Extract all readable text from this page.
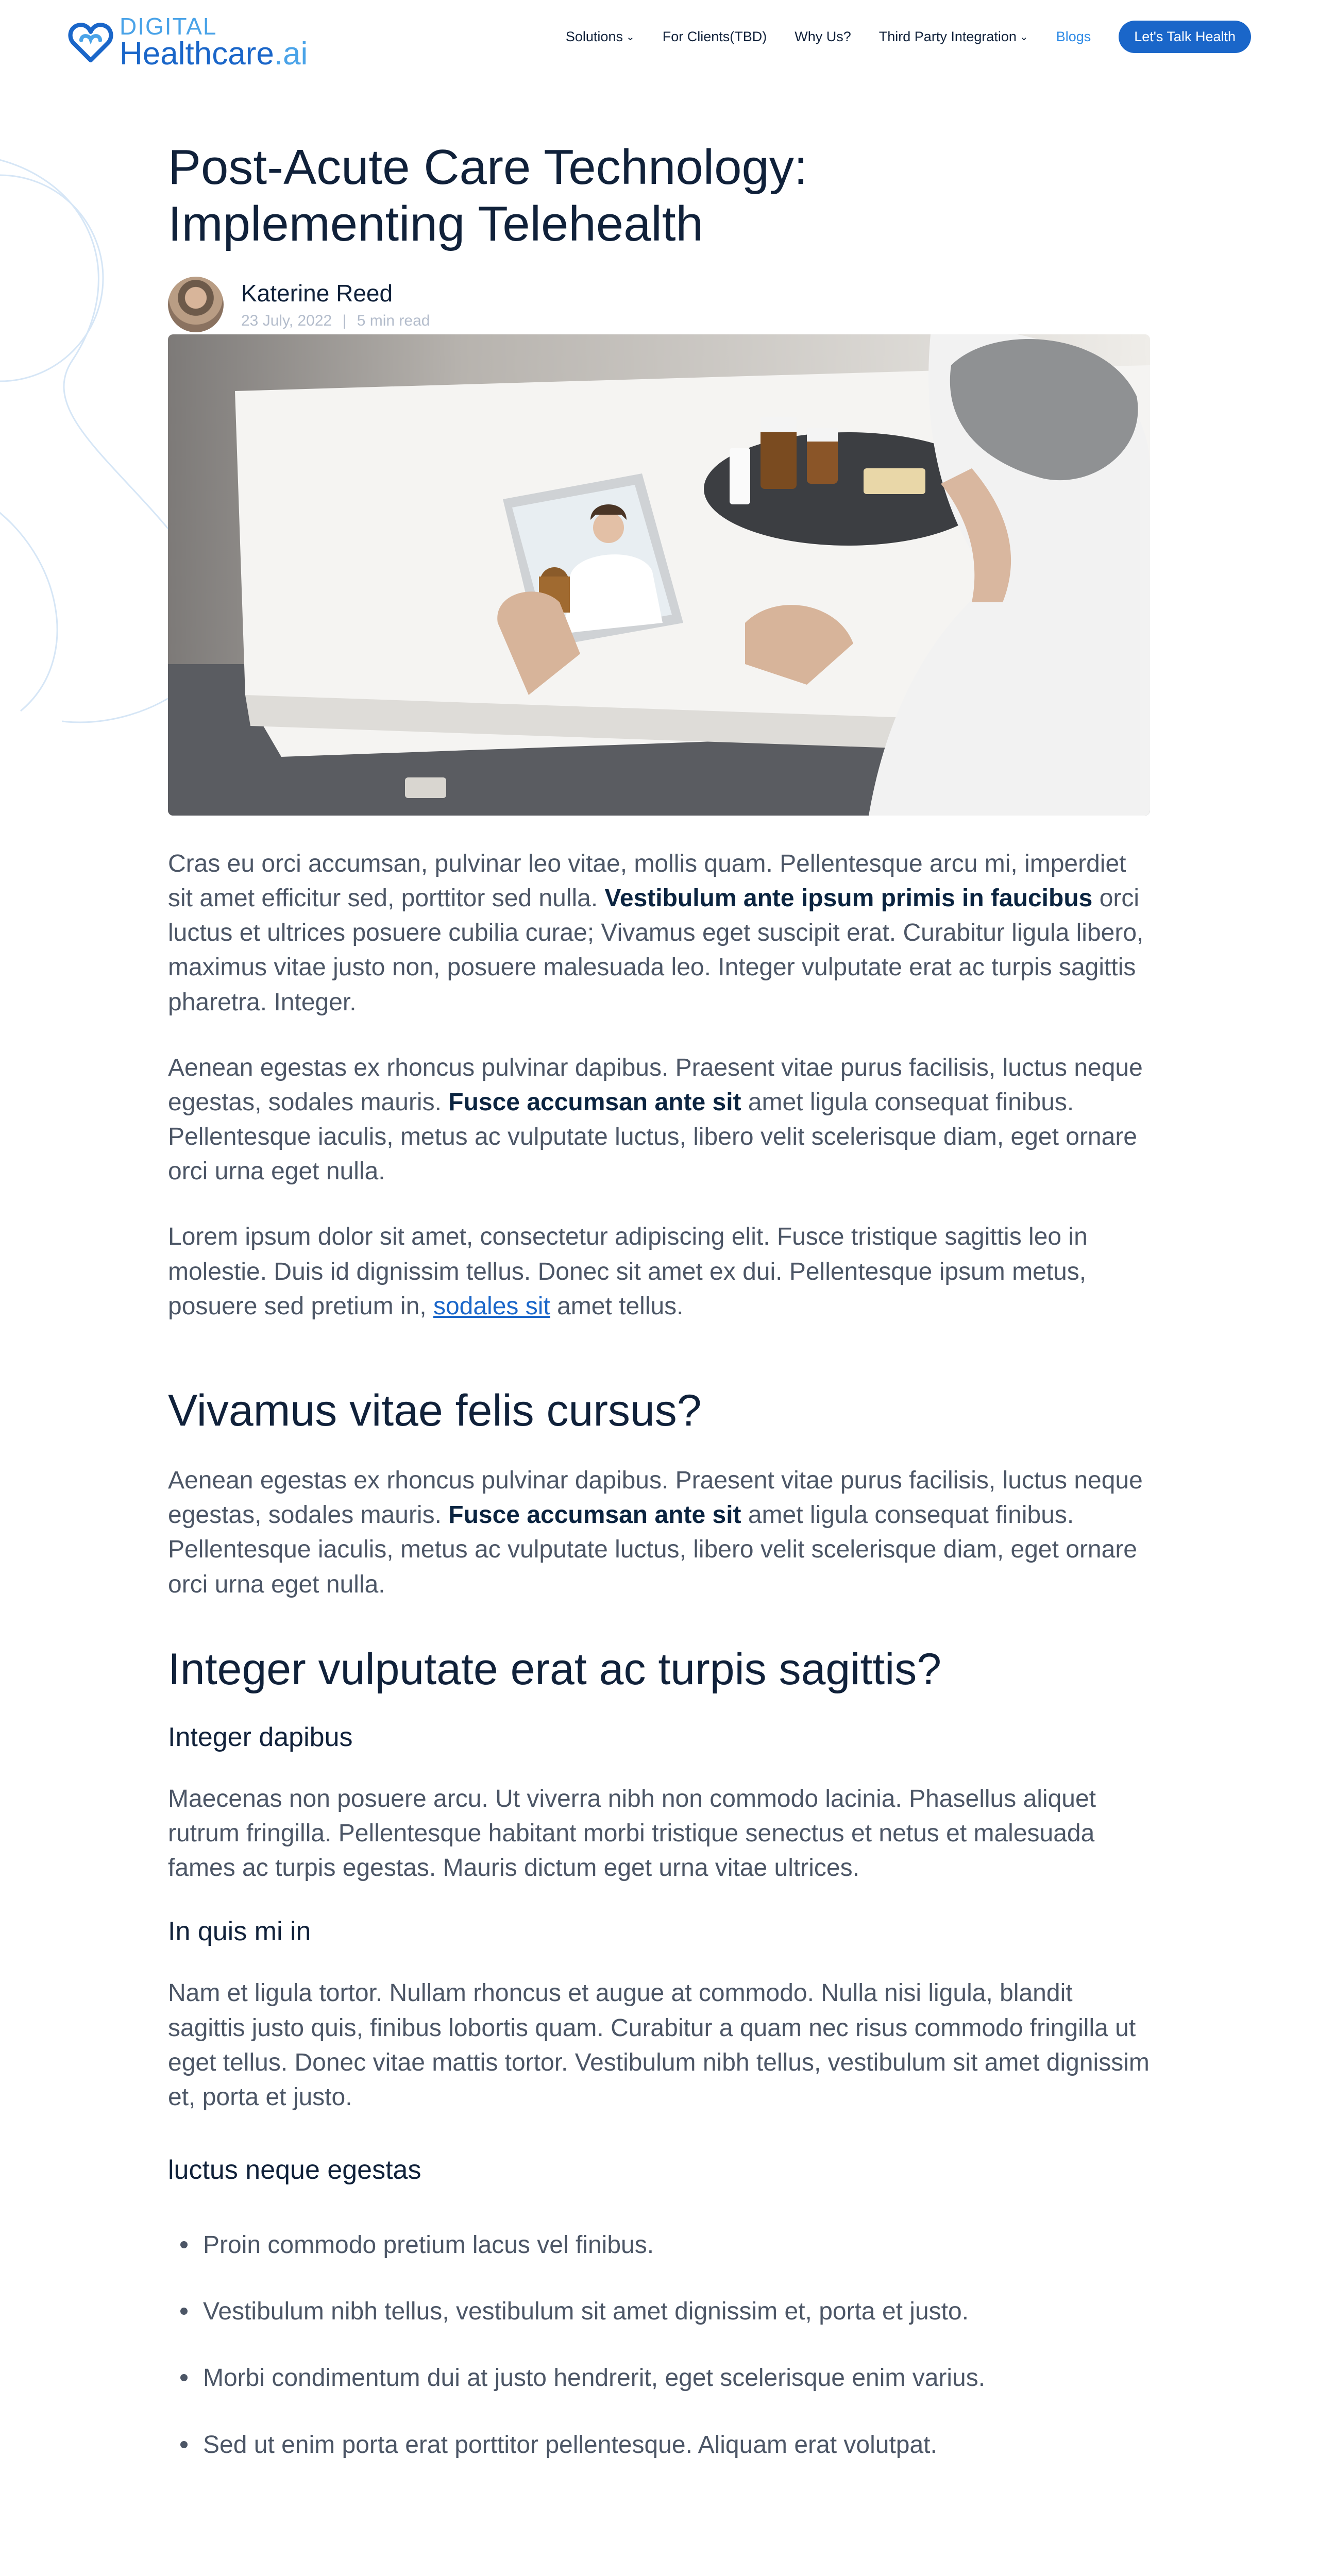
DIGITAL
Healthcare.ai	Solutions ⌄ For Clients(TBD) Why Us? Third Party Integration ⌄ Blogs	Let's Talk Health
Post-Acute Care Technology: Implementing Telehealth
Katerine Reed
23 July, 2022 | 5 min read

Cras eu orci accumsan, pulvinar leo vitae, mollis quam. Pellentesque arcu mi, imperdiet sit amet efficitur sed, porttitor sed nulla. Vestibulum ante ipsum primis in faucibus orci luctus et ultrices posuere cubilia curae; Vivamus eget suscipit erat. Curabitur ligula libero, maximus vitae justo non, posuere malesuada leo. Integer vulputate erat ac turpis sagittis pharetra. Integer.

Aenean egestas ex rhoncus pulvinar dapibus. Praesent vitae purus facilisis, luctus neque egestas, sodales mauris. Fusce accumsan ante sit amet ligula consequat finibus. Pellentesque iaculis, metus ac vulputate luctus, libero velit scelerisque diam, eget ornare orci urna eget nulla.

Lorem ipsum dolor sit amet, consectetur adipiscing elit. Fusce tristique sagittis leo in molestie. Duis id dignissim tellus. Donec sit amet ex dui. Pellentesque ipsum metus, posuere sed pretium in, sodales sit amet tellus.

Vivamus vitae felis cursus?

Aenean egestas ex rhoncus pulvinar dapibus. Praesent vitae purus facilisis, luctus neque egestas, sodales mauris. Fusce accumsan ante sit amet ligula consequat finibus. Pellentesque iaculis, metus ac vulputate luctus, libero velit scelerisque diam, eget ornare orci urna eget nulla.

Integer vulputate erat ac turpis sagittis?
Integer dapibus

Maecenas non posuere arcu. Ut viverra nibh non commodo lacinia. Phasellus aliquet rutrum fringilla. Pellentesque habitant morbi tristique senectus et netus et malesuada fames ac turpis egestas. Mauris dictum eget urna vitae ultrices.

In quis mi in

Nam et ligula tortor. Nullam rhoncus et augue at commodo. Nulla nisi ligula, blandit sagittis justo quis, finibus lobortis quam. Curabitur a quam nec risus commodo fringilla ut eget tellus. Donec vitae mattis tortor. Vestibulum nibh tellus, vestibulum sit amet dignissim et, porta et justo.

luctus neque egestas
Proin commodo pretium lacus vel finibus.
Vestibulum nibh tellus, vestibulum sit amet dignissim et, porta et justo.
Morbi condimentum dui at justo hendrerit, eget scelerisque enim varius.
Sed ut enim porta erat porttitor pellentesque. Aliquam erat volutpat.
